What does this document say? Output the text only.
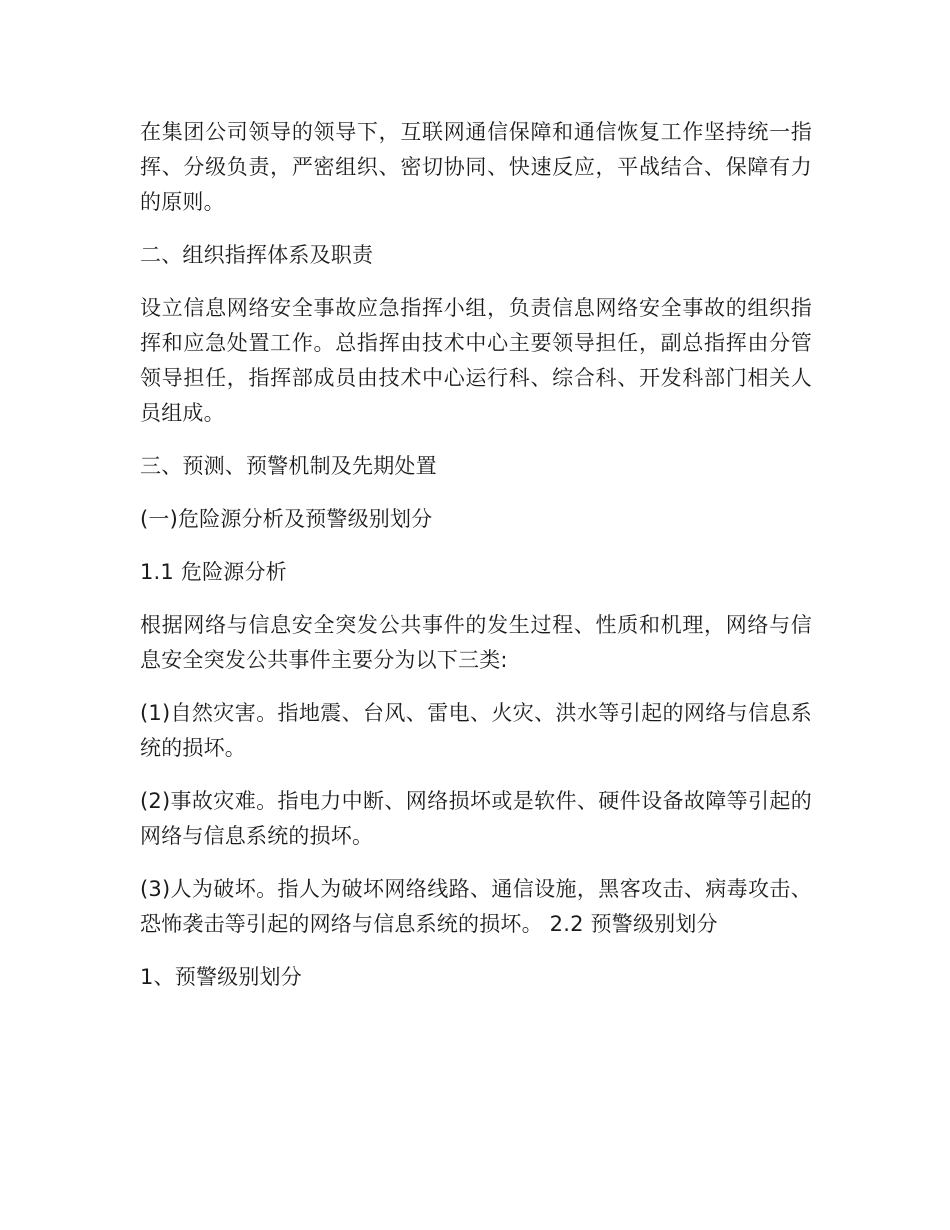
在集团公司领导的领导下，互联网通信保障和通信恢复工作坚持统一指挥、分级负责，严密组织、密切协同、快速反应，平战结合、保障有力的原则。

二、组织指挥体系及职责

设立信息网络安全事故应急指挥小组，负责信息网络安全事故的组织指挥和应急处置工作。总指挥由技术中心主要领导担任，副总指挥由分管领导担任，指挥部成员由技术中心运行科、综合科、开发科部门相关人员组成。

三、预测、预警机制及先期处置

(一)危险源分析及预警级别划分

1.1 危险源分析

根据网络与信息安全突发公共事件的发生过程、性质和机理，网络与信息安全突发公共事件主要分为以下三类:

(1)自然灾害。指地震、台风、雷电、火灾、洪水等引起的网络与信息系统的损坏。

(2)事故灾难。指电力中断、网络损坏或是软件、硬件设备故障等引起的网络与信息系统的损坏。

(3)人为破坏。指人为破坏网络线路、通信设施，黑客攻击、病毒攻击、恐怖袭击等引起的网络与信息系统的损坏。 2.2 预警级别划分

1、预警级别划分
